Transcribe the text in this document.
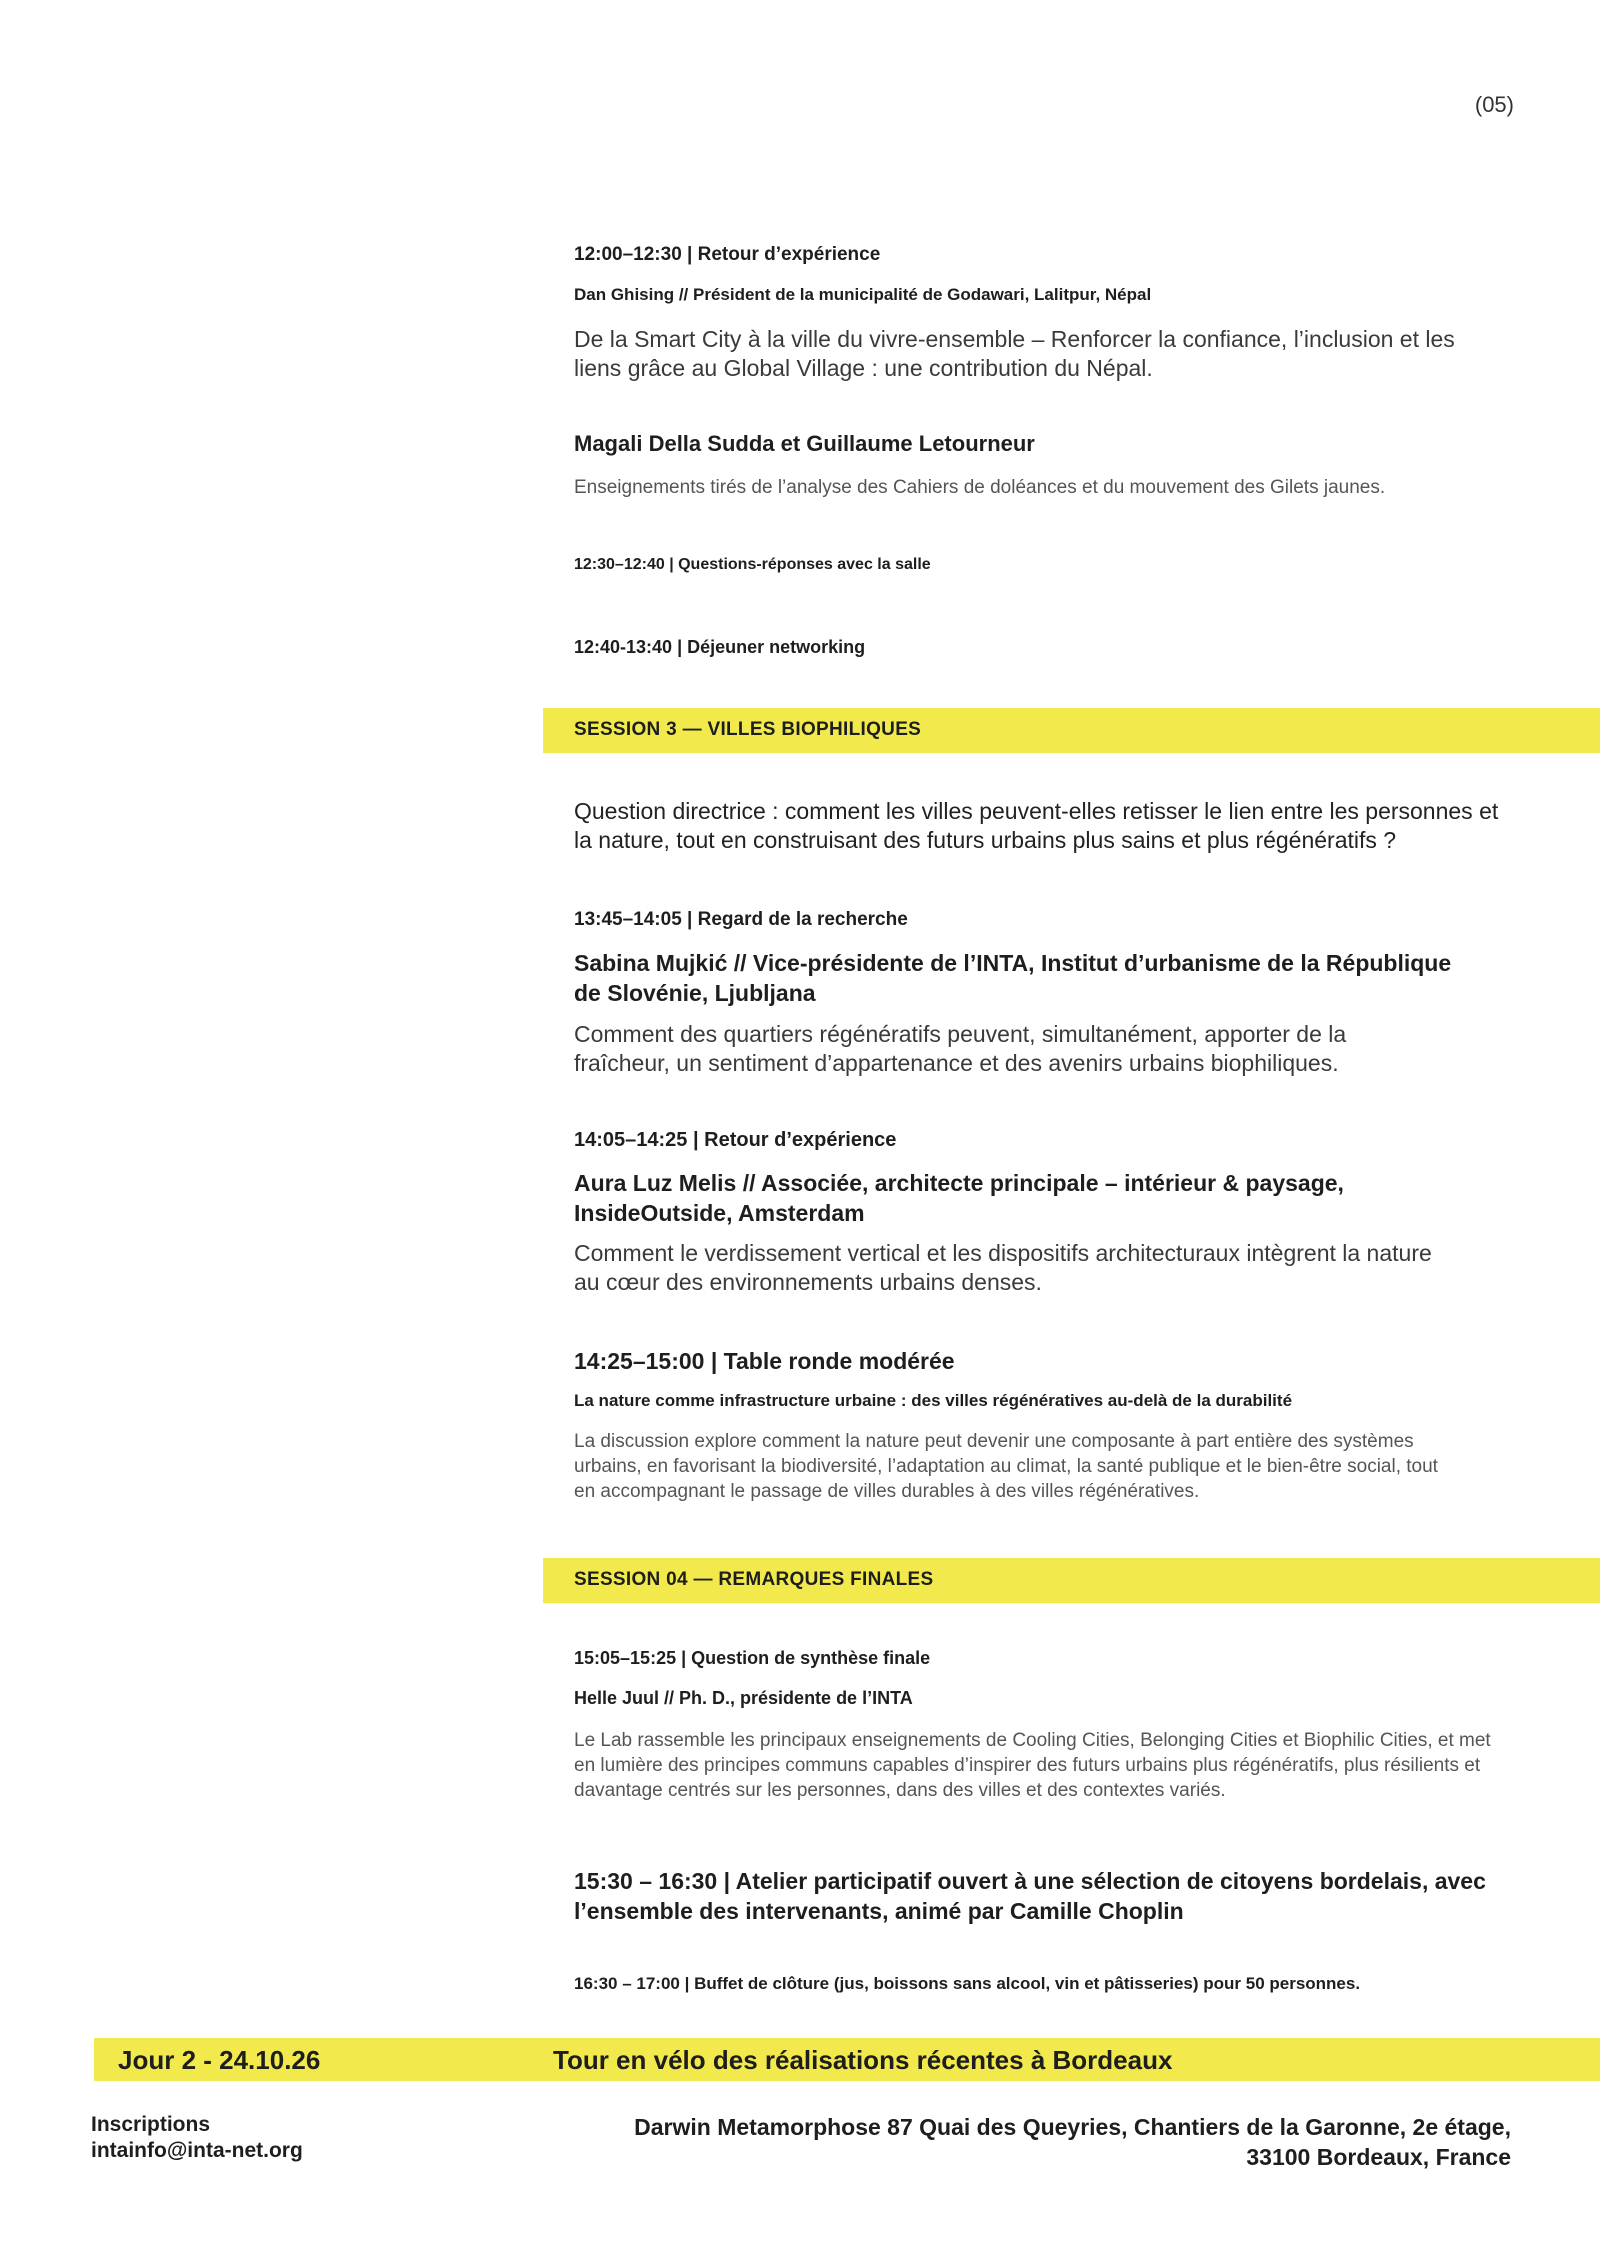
(05)
12:00–12:30 | Retour d’expérience
Dan Ghising // Président de la municipalité de Godawari, Lalitpur, Népal
De la Smart City à la ville du vivre-ensemble – Renforcer la confiance, l’inclusion et les liens grâce au Global Village : une contribution du Népal.
Magali Della Sudda et Guillaume Letourneur
Enseignements tirés de l’analyse des Cahiers de doléances et du mouvement des Gilets jaunes.
12:30–12:40 | Questions-réponses avec la salle
12:40-13:40 | Déjeuner networking
SESSION 3 — VILLES BIOPHILIQUES
Question directrice : comment les villes peuvent-elles retisser le lien entre les personnes et la nature, tout en construisant des futurs urbains plus sains et plus régénératifs ?
13:45–14:05 | Regard de la recherche
Sabina Mujkić // Vice-présidente de l’INTA, Institut d’urbanisme de la République de Slovénie, Ljubljana
Comment des quartiers régénératifs peuvent, simultanément, apporter de la fraîcheur, un sentiment d’appartenance et des avenirs urbains biophiliques.
14:05–14:25 | Retour d’expérience
Aura Luz Melis // Associée, architecte principale – intérieur & paysage, InsideOutside, Amsterdam
Comment le verdissement vertical et les dispositifs architecturaux intègrent la nature au cœur des environnements urbains denses.
14:25–15:00 | Table ronde modérée
La nature comme infrastructure urbaine : des villes régénératives au-delà de la durabilité
La discussion explore comment la nature peut devenir une composante à part entière des systèmes urbains, en favorisant la biodiversité, l’adaptation au climat, la santé publique et le bien-être social, tout en accompagnant le passage de villes durables à des villes régénératives.
SESSION 04 — REMARQUES FINALES
15:05–15:25 | Question de synthèse finale
Helle Juul // Ph. D., présidente de l’INTA
Le Lab rassemble les principaux enseignements de Cooling Cities, Belonging Cities et Biophilic Cities, et met en lumière des principes communs capables d’inspirer des futurs urbains plus régénératifs, plus résilients et davantage centrés sur les personnes, dans des villes et des contextes variés.
15:30 – 16:30 | Atelier participatif ouvert à une sélection de citoyens bordelais, avec l’ensemble des intervenants, animé par Camille Choplin
16:30 – 17:00 | Buffet de clôture (jus, boissons sans alcool, vin et pâtisseries) pour 50 personnes.
Jour 2 - 24.10.26	Tour en vélo des réalisations récentes à Bordeaux
Inscriptions
intainfo@inta-net.org
Darwin Metamorphose 87 Quai des Queyries, Chantiers de la Garonne, 2e étage, 33100 Bordeaux, France
